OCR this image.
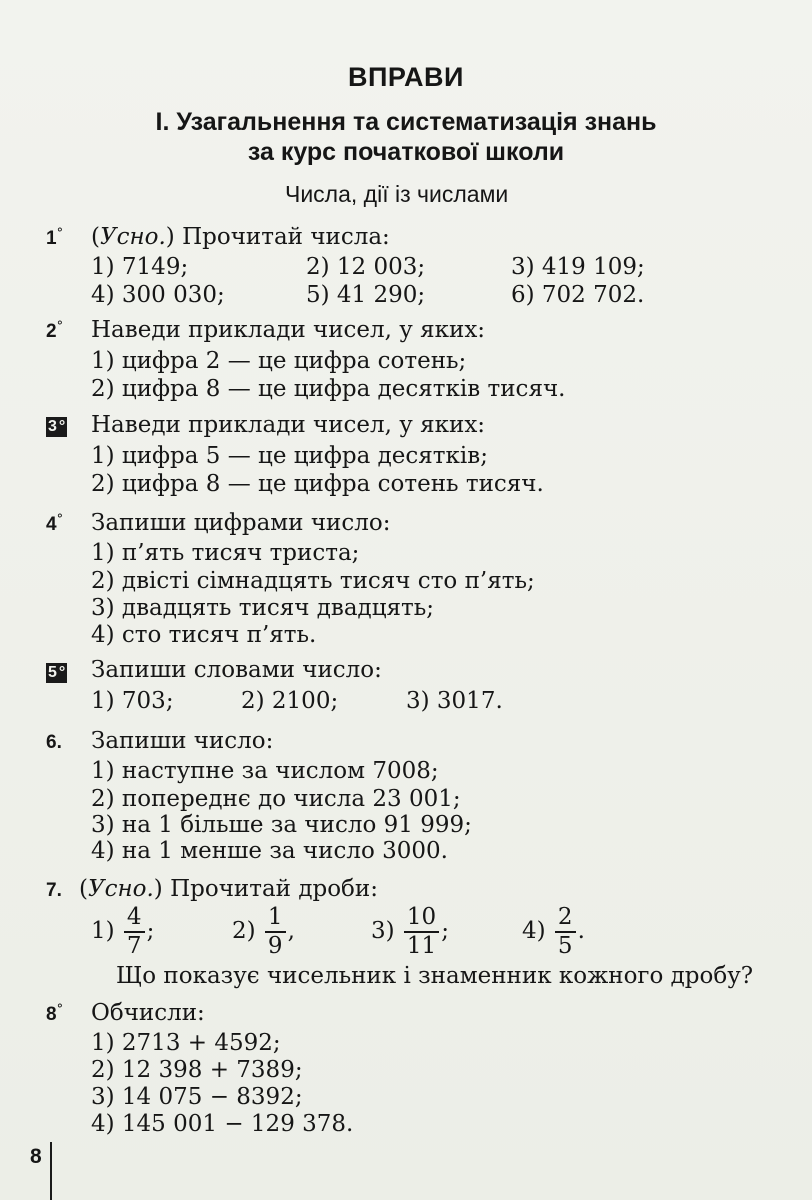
ВПРАВИ
І. Узагальнення та систематизація знань
за курс початкової школи
Числа, дії із числами
1° (Усно.) Прочитай числа:
1) 7149;	2) 12 003;	3) 419 109;
4) 300 030;	5) 41 290;	6) 702 702.
2° Наведи приклади чисел, у яких:
1) цифра 2 — це цифра сотень;
2) цифра 8 — це цифра десятків тисяч.
3 ° Наведи приклади чисел, у яких:
1) цифра 5 — це цифра десятків;
2) цифра 8 — це цифра сотень тисяч.
4° Запиши цифрами число:
1) п’ять тисяч триста;
2) двісті сімнадцять тисяч сто п’ять;
3) двадцять тисяч двадцять;
4) сто тисяч п’ять.
5 ° Запиши словами число:
1) 703;	2) 2100;	3) 3017.
6. Запиши число:
1) наступне за числом 7008;
2) попереднє до числа 23 001;
3) на 1 більше за число 91 999;
4) на 1 менше за число 3000.
7. (Усно.) Прочитай дроби:
$1) \frac{4}{7}$ ;	$2) \frac{1}{9}$ ,	$3) \frac{10}{11}$ ;	$4) \frac{2}{5}$ .
Що показує чисельник і знаменник кожного дробу?
8° Обчисли:
1) 2713 + 4592;
2) 12 398 + 7389;
3) 14 075 − 8392;
4) 145 001 − 129 378.
8
